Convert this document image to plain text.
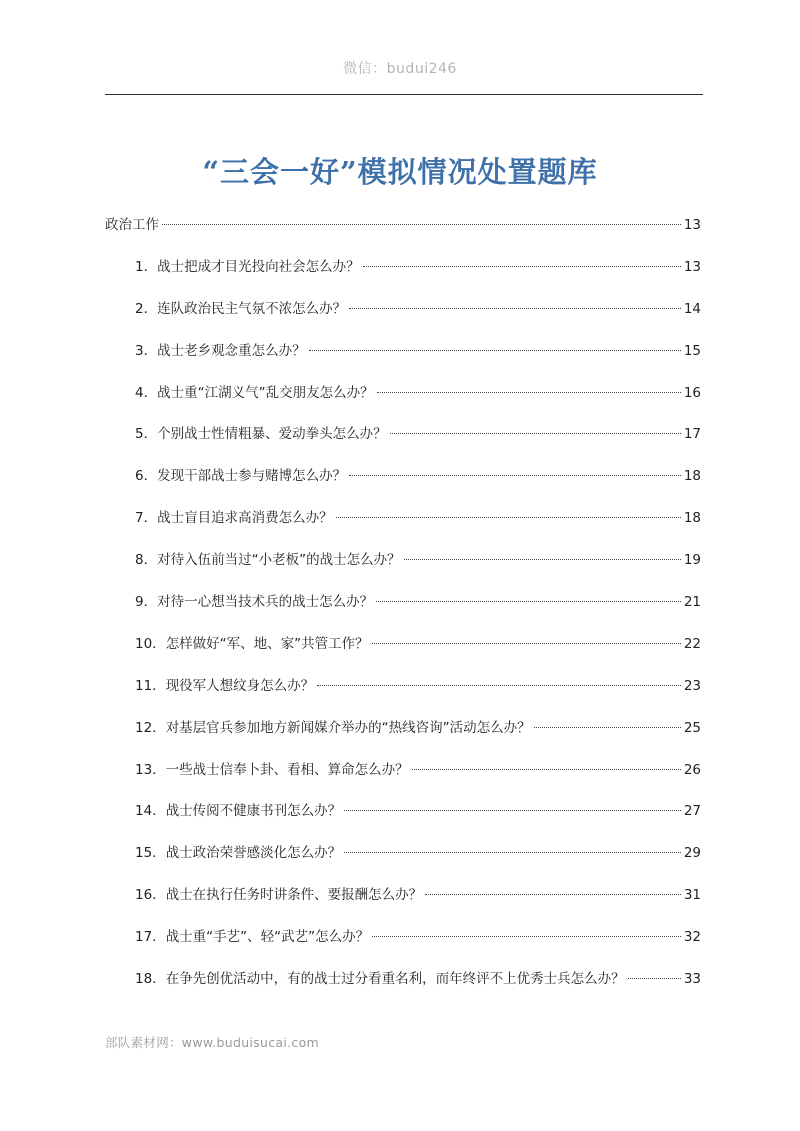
微信：budui246
“三会一好”模拟情况处置题库
政治工作	13
1． 战士把成才目光投向社会怎么办？	13
2． 连队政治民主气氛不浓怎么办？	14
3． 战士老乡观念重怎么办？	15
4． 战士重“江湖义气”乱交朋友怎么办？	16
5． 个别战士性情粗暴、爱动拳头怎么办？	17
6． 发现干部战士参与赌博怎么办？	18
7． 战士盲目追求高消费怎么办？	18
8． 对待入伍前当过“小老板”的战士怎么办？	19
9． 对待一心想当技术兵的战士怎么办？	21
10． 怎样做好“军、地、家”共管工作？	22
11． 现役军人想纹身怎么办？	23
12． 对基层官兵参加地方新闻媒介举办的“热线咨询”活动怎么办？	25
13． 一些战士信奉卜卦、看相、算命怎么办？	26
14． 战士传阅不健康书刊怎么办？	27
15． 战士政治荣誉感淡化怎么办？	29
16． 战士在执行任务时讲条件、要报酬怎么办？	31
17． 战士重“手艺”、轻“武艺”怎么办？	32
18． 在争先创优活动中，有的战士过分看重名利，而年终评不上优秀士兵怎么办？	33
部队素材网：www.buduisucai.com
